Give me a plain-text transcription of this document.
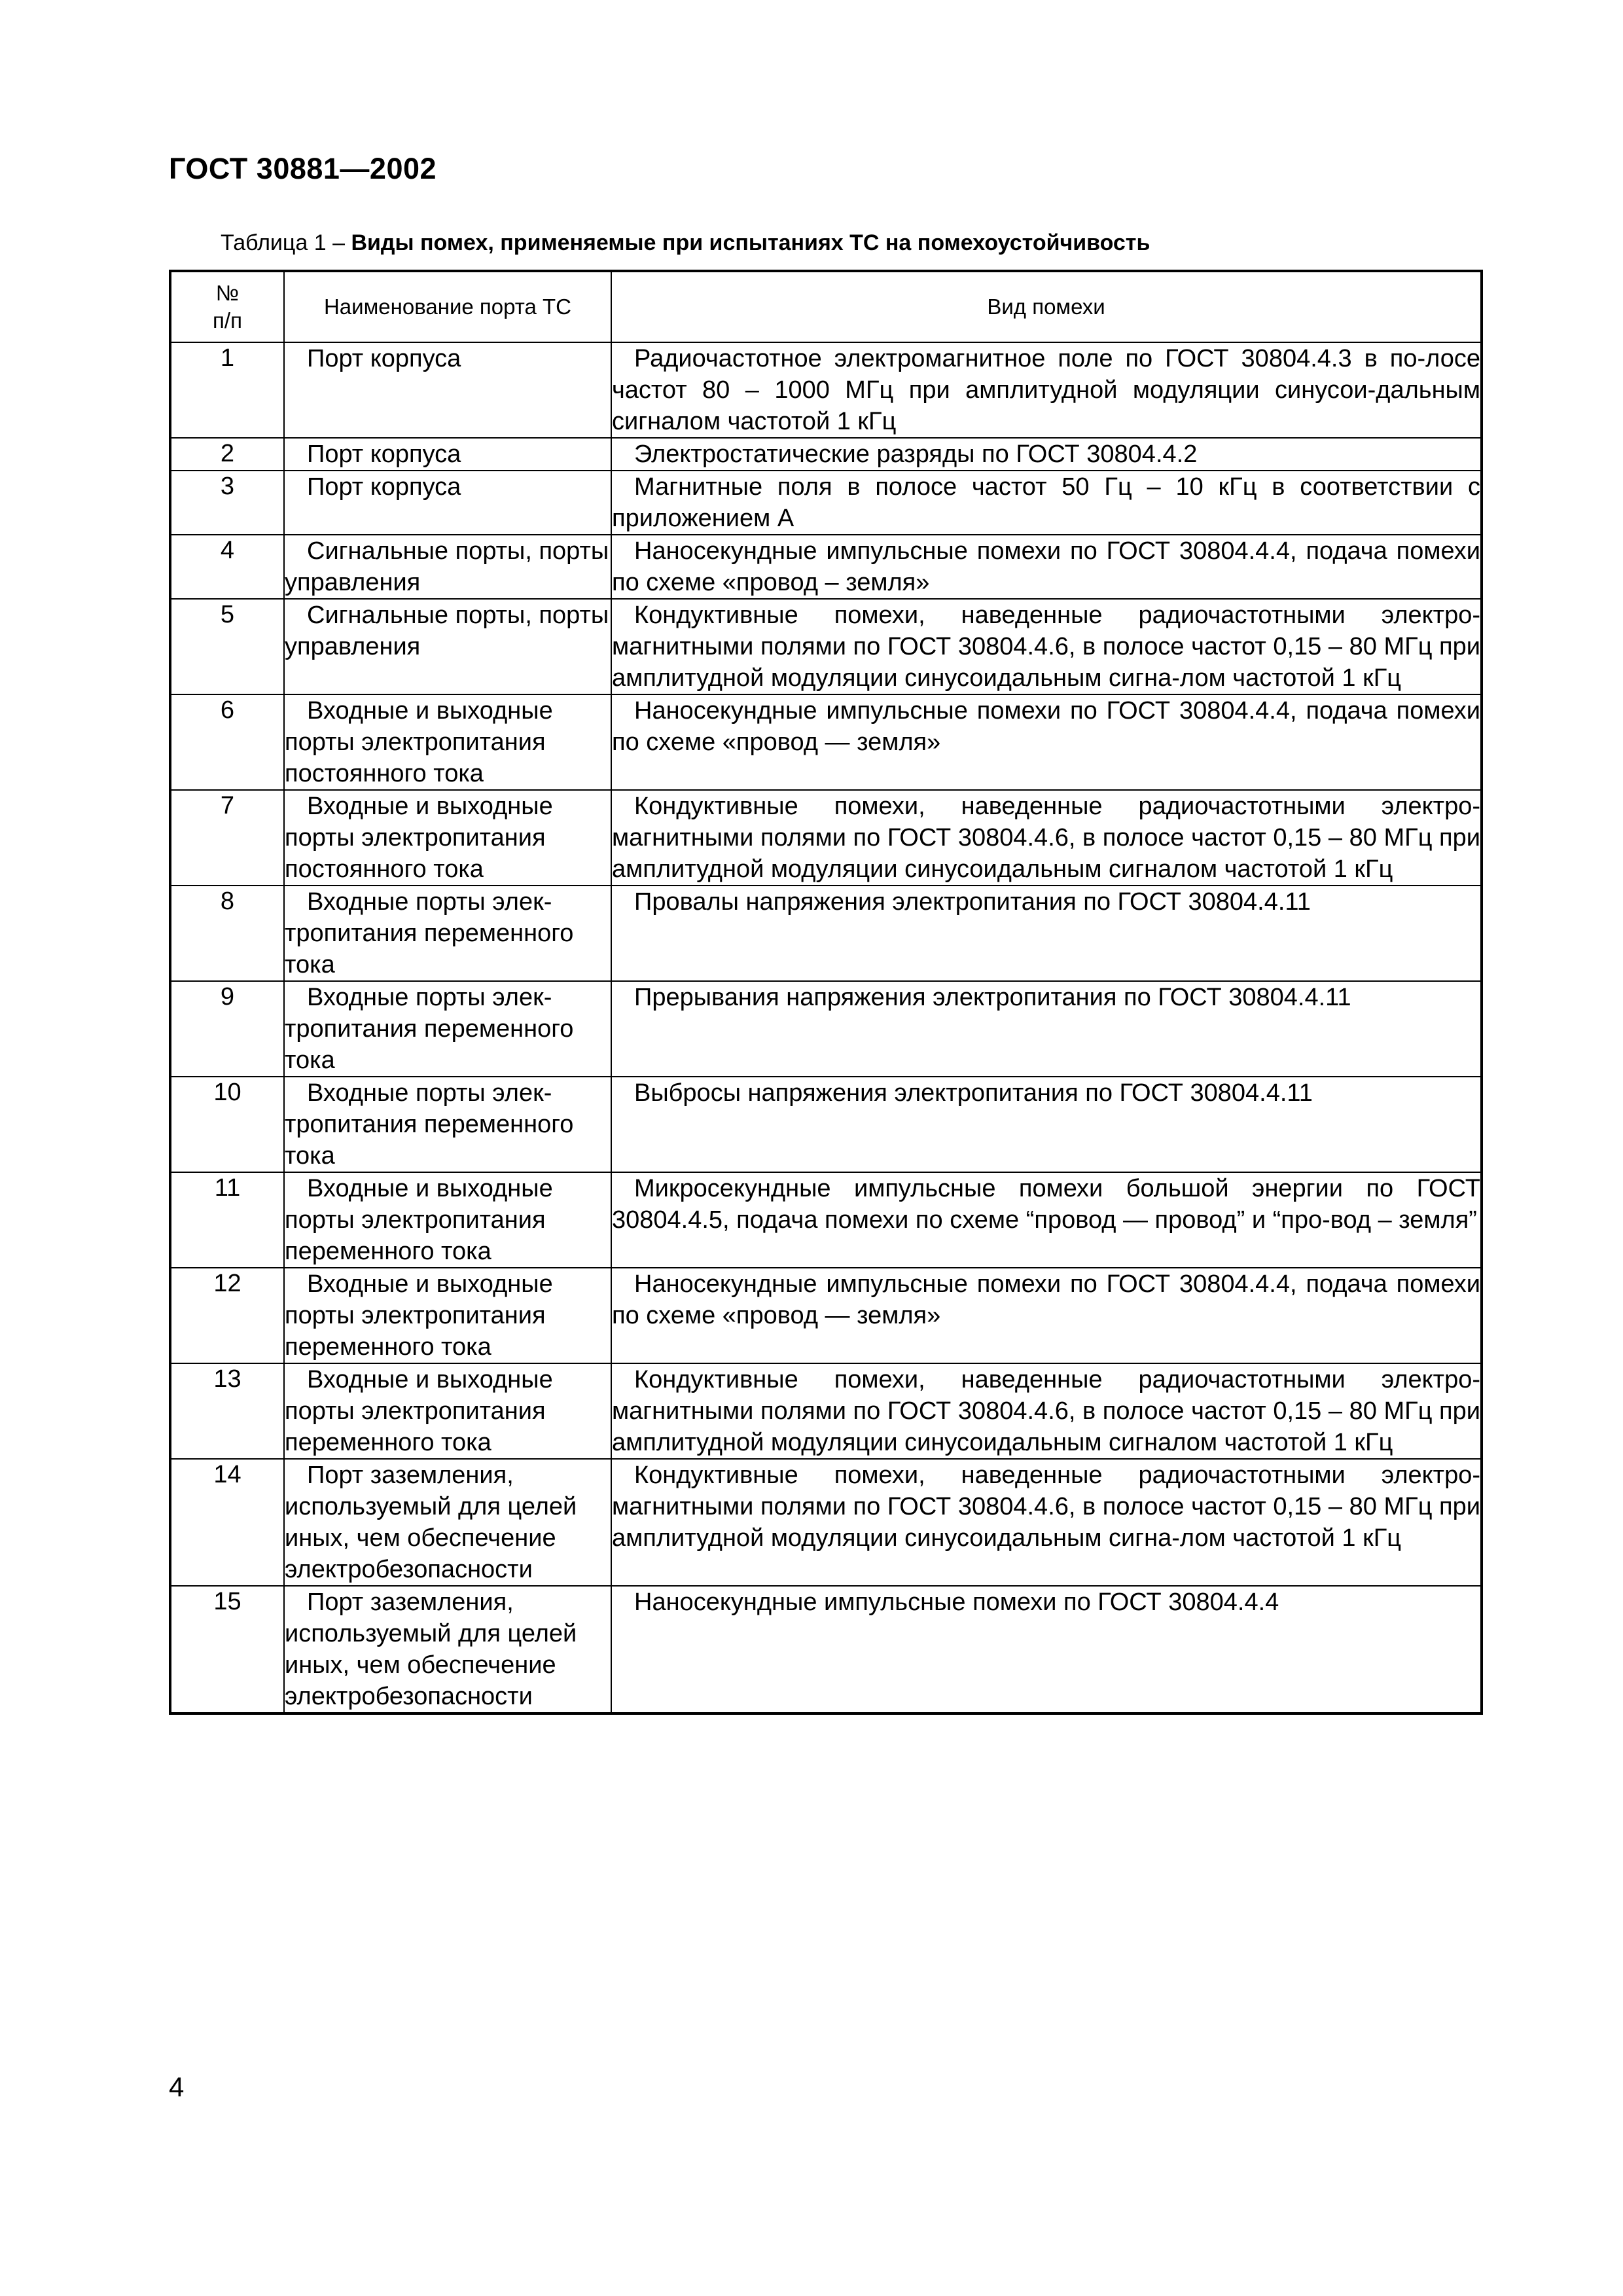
ГОСТ 30881—2002
Таблица 1 – Виды помех, применяемые при испытаниях ТС на помехоустойчивость
№
п/п	Наименование порта ТС	Вид помехи
1	Порт корпуса	Радиочастотное электромагнитное поле по ГОСТ 30804.4.3 в по-лосе частот 80 – 1000 МГц при амплитудной модуляции синусои-дальным сигналом частотой 1 кГц
2	Порт корпуса	Электростатические разряды по ГОСТ 30804.4.2
3	Порт корпуса	Магнитные поля в полосе частот 50 Гц – 10 кГц в соответствии с приложением А
4	Сигнальные порты, порты управления	Наносекундные импульсные помехи по ГОСТ 30804.4.4, подача помехи по схеме «провод – земля»
5	Сигнальные порты, порты управления	Кондуктивные помехи, наведенные радиочастотными электро-магнитными полями по ГОСТ 30804.4.6, в полосе частот 0,15 – 80 МГц при амплитудной модуляции синусоидальным сигна-лом частотой 1 кГц
6	Входные и выходные порты электропитания постоянного тока	Наносекундные импульсные помехи по ГОСТ 30804.4.4, подача помехи по схеме «провод — земля»
7	Входные и выходные порты электропитания постоянного тока	Кондуктивные помехи, наведенные радиочастотными электро-магнитными полями по ГОСТ 30804.4.6, в полосе частот 0,15 – 80 МГц при амплитудной модуляции синусоидальным сигналом частотой 1 кГц
8	Входные порты элек-тропитания переменного тока	Провалы напряжения электропитания по ГОСТ 30804.4.11
9	Входные порты элек-тропитания переменного тока	Прерывания напряжения электропитания по ГОСТ 30804.4.11
10	Входные порты элек-тропитания переменного тока	Выбросы напряжения электропитания по ГОСТ 30804.4.11
11	Входные и выходные порты электропитания переменного тока	Микросекундные импульсные помехи большой энергии по ГОСТ 30804.4.5, подача помехи по схеме “провод — провод” и “про-вод – земля”
12	Входные и выходные порты электропитания переменного тока	Наносекундные импульсные помехи по ГОСТ 30804.4.4, подача помехи по схеме «провод — земля»
13	Входные и выходные порты электропитания переменного тока	Кондуктивные помехи, наведенные радиочастотными электро-магнитными полями по ГОСТ 30804.4.6, в полосе частот 0,15 – 80 МГц при амплитудной модуляции синусоидальным сигналом частотой 1 кГц
14	Порт заземления, используемый для целей иных, чем обеспечение электробезопасности	Кондуктивные помехи, наведенные радиочастотными электро-магнитными полями по ГОСТ 30804.4.6, в полосе частот 0,15 – 80 МГц при амплитудной модуляции синусоидальным сигна-лом частотой 1 кГц
15	Порт заземления, используемый для целей иных, чем обеспечение электробезопасности	Наносекундные импульсные помехи по ГОСТ 30804.4.4
4
